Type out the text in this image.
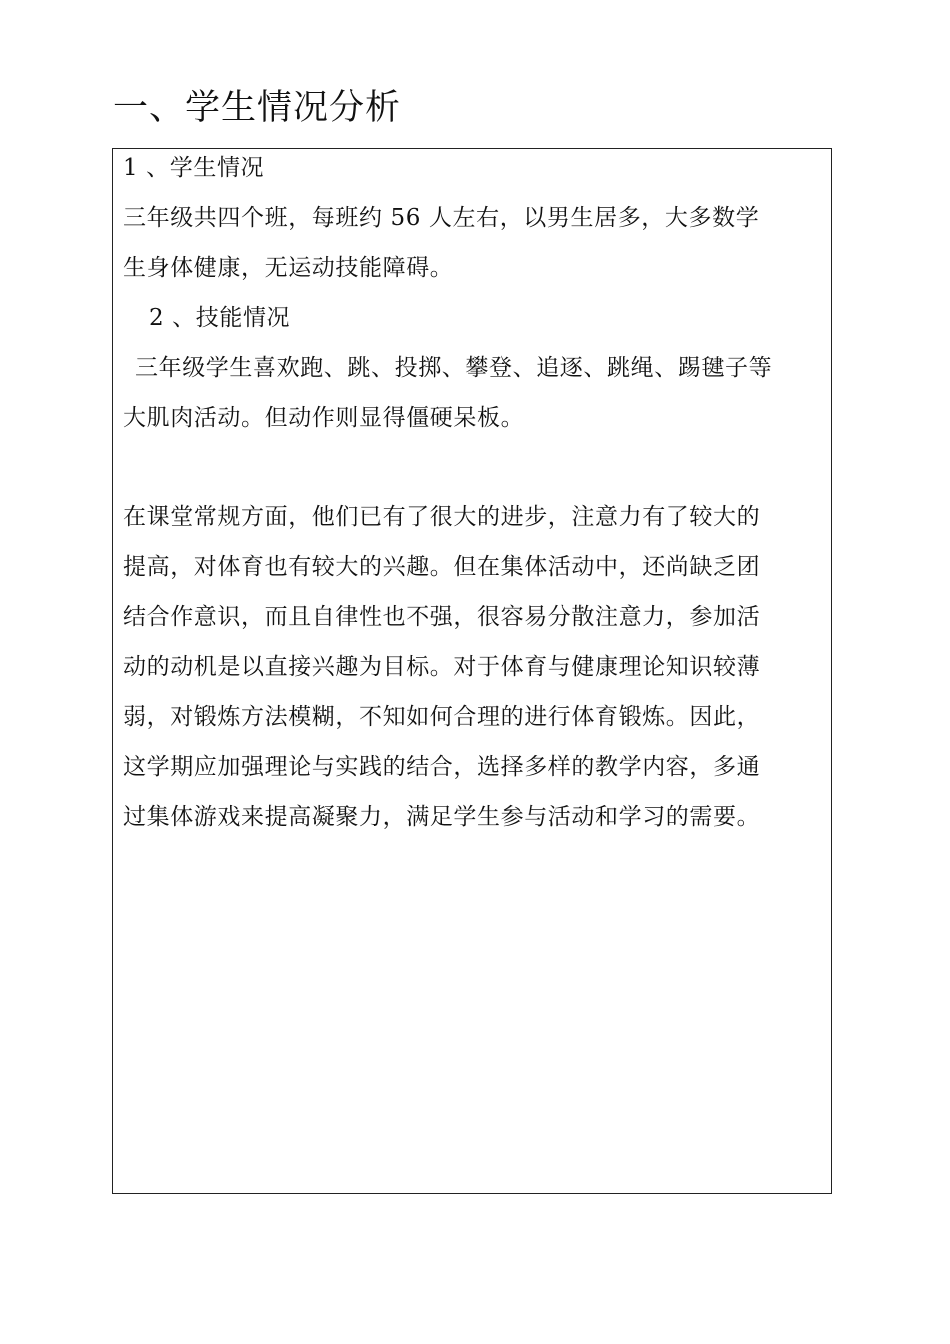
一、学生情况分析
1 、学生情况
三年级共四个班，每班约 56 人左右，以男生居多，大多数学
生身体健康，无运动技能障碍。
2 、技能情况
三年级学生喜欢跑、跳、投掷、攀登、追逐、跳绳、踢毽子等
大肌肉活动。但动作则显得僵硬呆板。
在课堂常规方面，他们已有了很大的进步，注意力有了较大的
提高，对体育也有较大的兴趣。但在集体活动中，还尚缺乏团
结合作意识，而且自律性也不强，很容易分散注意力，参加活
动的动机是以直接兴趣为目标。对于体育与健康理论知识较薄
弱，对锻炼方法模糊，不知如何合理的进行体育锻炼。因此，
这学期应加强理论与实践的结合，选择多样的教学内容，多通
过集体游戏来提高凝聚力，满足学生参与活动和学习的需要。
